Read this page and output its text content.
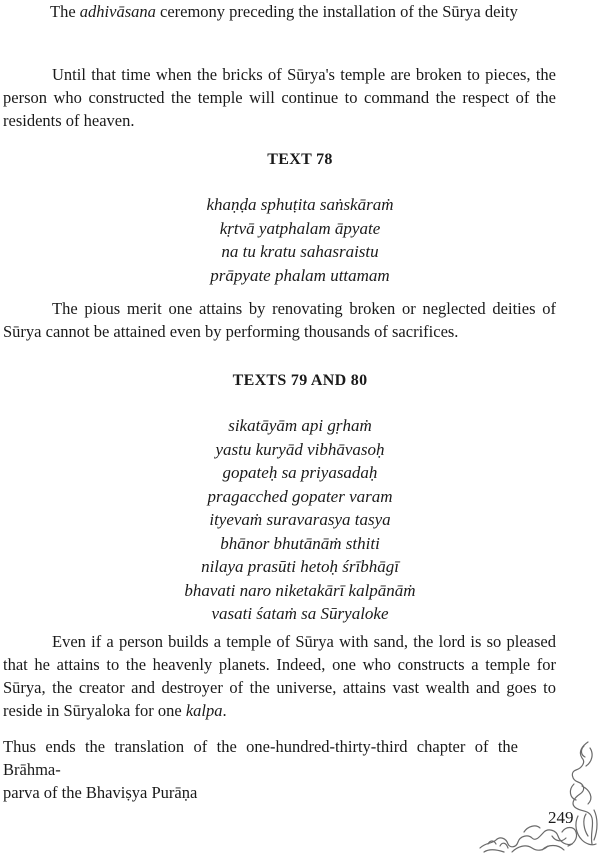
The adhivāsana ceremony preceding the installation of the Sūrya deity

Until that time when the bricks of Sūrya's temple are broken to pieces, the person who constructed the temple will continue to command the respect of the residents of heaven.

TEXT 78
khaṇḍa sphuṭita saṅskāraṁ
kṛtvā yatphalam āpyate
na tu kratu sahasraistu
prāpyate phalam uttamam

The pious merit one attains by renovating broken or neglected deities of Sūrya cannot be attained even by performing thousands of sacrifices.

TEXTS 79 AND 80
sikatāyām api gṛhaṁ
yastu kuryād vibhāvasoḥ
gopateḥ sa priyasadaḥ
pragacched gopater varam
ityevaṁ suravarasya tasya
bhānor bhutānāṁ sthiti
nilaya prasūti hetoḥ śrībhāgī
bhavati naro niketakārī kalpānāṁ
vasati śataṁ sa Sūryaloke

Even if a person builds a temple of Sūrya with sand, the lord is so pleased that he attains to the heavenly planets. Indeed, one who constructs a temple for Sūrya, the creator and destroyer of the universe, attains vast wealth and goes to reside in Sūryaloka for one kalpa.

Thus ends the translation of the one-hundred-thirty-third chapter of the Brāhma-
parva of the Bhaviṣya Purāṇa
249
